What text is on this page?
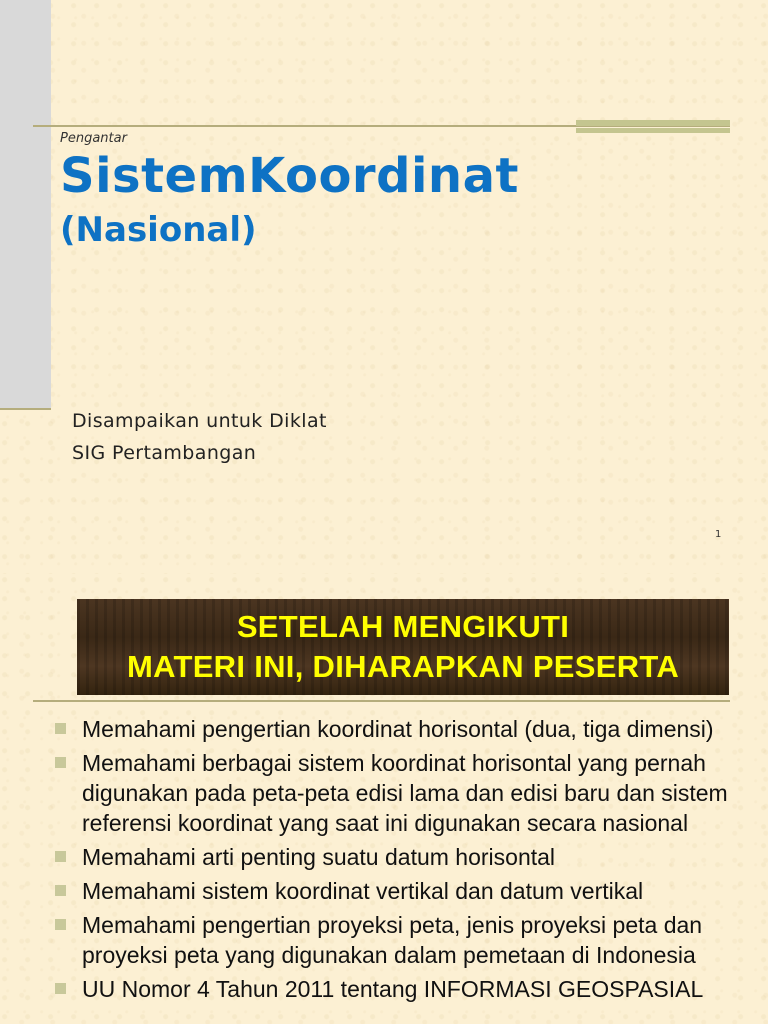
Pengantar
SistemKoordinat
(Nasional)
Disampaikan untuk Diklat
SIG Pertambangan
1
SETELAH MENGIKUTI
MATERI INI, DIHARAPKAN PESERTA
Memahami pengertian koordinat horisontal (dua, tiga dimensi)
Memahami berbagai sistem koordinat horisontal yang pernah digunakan pada peta-peta edisi lama dan edisi baru dan sistem referensi koordinat yang saat ini digunakan secara nasional
Memahami arti penting suatu datum horisontal
Memahami sistem koordinat vertikal dan datum vertikal
Memahami pengertian proyeksi peta, jenis proyeksi peta dan proyeksi peta yang digunakan dalam pemetaan di Indonesia
UU Nomor 4 Tahun 2011 tentang INFORMASI GEOSPASIAL
